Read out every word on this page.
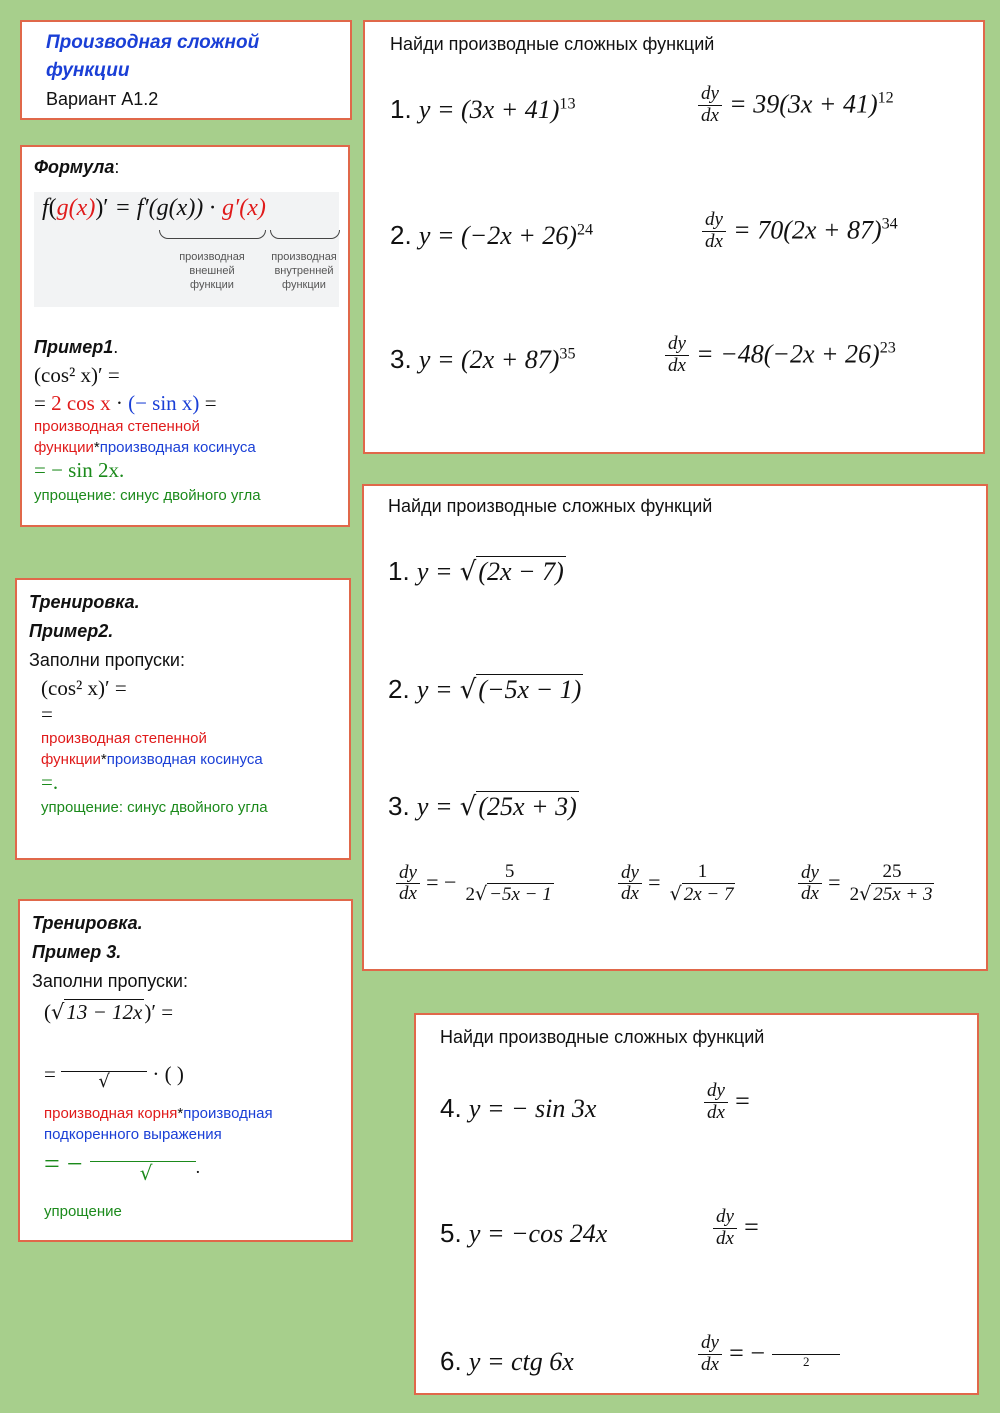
Производная сложной
функции
Вариант А1.2
Формула:
f(g(x))′ = f′(g(x)) · g′(x)
производная
внешней
функции
производная
внутренней
функции
Пример1.
(cos² x)′ =
= 2 cos x · (− sin x) =
производная степенной
функции*производная косинуса
= − sin 2x.
упрощение: синус двойного угла
Тренировка.
Пример2.
Заполни пропуски:
(cos² x)′ =
=
производная степенной
функции*производная косинуса
=.
упрощение: синус двойного угла
Тренировка.
Пример 3.
Заполни пропуски:
(√13 − 12x)′ =
= √ · ( )
производная корня*производная
подкоренного выражения
= −	√ .
упрощение
Найди производные сложных функций
1. $y = (3x + 41)^{13}$	$\frac{dy}{dx} = 39(3x + 41)^{12}$
2. $y = (-2x + 26)^{24}$	$\frac{dy}{dx} = 70(2x + 87)^{34}$
3. $y = (2x + 87)^{35}$	$\frac{dy}{dx} = -48(-2x + 26)^{23}$
Найди производные сложных функций
1. y = √(2x − 7)
2. y = √(−5x − 1)
3. y = √(25x + 3)
$\frac{dy}{dx}$ = − $\frac{5}{2√ -5x - 1}$	$\frac{dy}{dx} = \frac{1}{√ 2x - 7}$	$\frac{dy}{dx} = \frac{25}{2√ 25x + 3}$
Найди производные сложных функций
4. y = − sin 3x	$\frac{dy}{dx}$ =
5. y = −cos 24x	$\frac{dy}{dx}$ =
6. y = ctg 6x	$\frac{dy}{dx}$ = −	2
